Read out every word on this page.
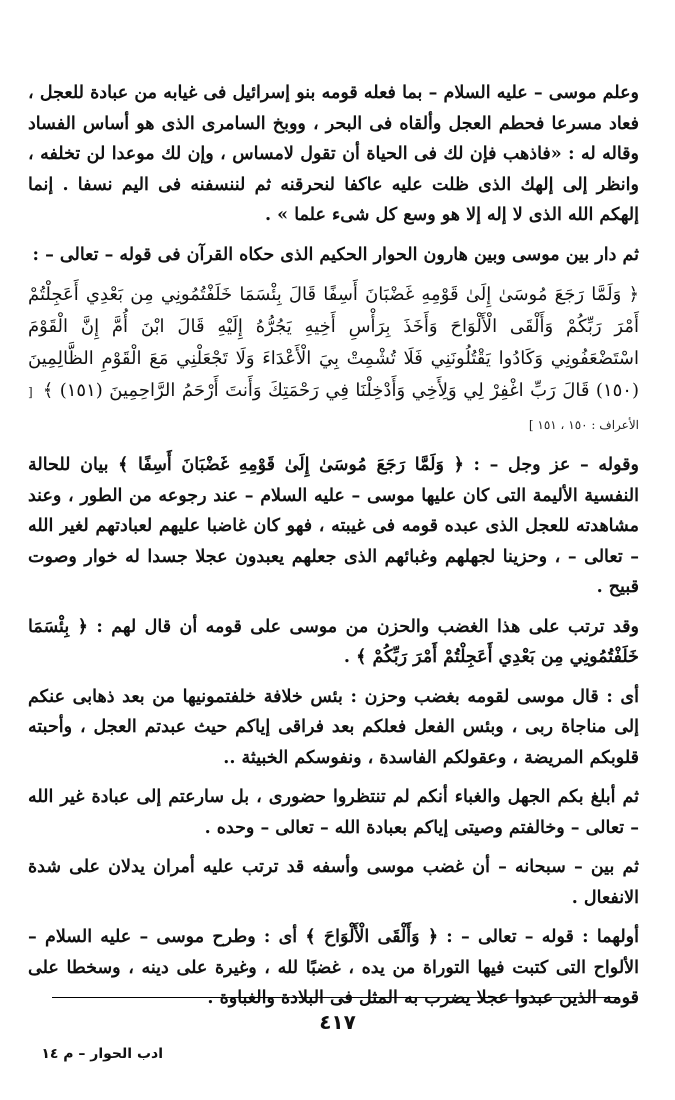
وعلم موسى – عليه السلام – بما فعله قومه بنو إسرائيل فى غيابه من عبادة للعجل ، فعاد مسرعا فحطم العجل وألقاه فى البحر ، ووبخ السامرى الذى هو أساس الفساد وقاله له : «فاذهب فإن لك فى الحياة أن تقول لامساس ، وإن لك موعدا لن تخلفه ، وانظر إلى إلهك الذى ظلت عليه عاكفا لنحرقنه ثم لننسفنه فى اليم نسفا . إنما إلهكم الله الذى لا إله إلا هو وسع كل شىء علما » .

ثم دار بين موسى وبين هارون الحوار الحكيم الذى حكاه القرآن فى قوله – تعالى – :

﴿ وَلَمَّا رَجَعَ مُوسَىٰ إِلَىٰ قَوْمِهِ غَضْبَانَ أَسِفًا قَالَ بِئْسَمَا خَلَفْتُمُونِي مِن بَعْدِي أَعَجِلْتُمْ أَمْرَ رَبِّكُمْ وَأَلْقَى الْأَلْوَاحَ وَأَخَذَ بِرَأْسِ أَخِيهِ يَجُرُّهُ إِلَيْهِ قَالَ ابْنَ أُمَّ إِنَّ الْقَوْمَ اسْتَضْعَفُونِي وَكَادُوا يَقْتُلُونَنِي فَلَا تُشْمِتْ بِيَ الْأَعْدَاءَ وَلَا تَجْعَلْنِي مَعَ الْقَوْمِ الظَّالِمِينَ (١٥٠) قَالَ رَبِّ اغْفِرْ لِي وَلِأَخِي وَأَدْخِلْنَا فِي رَحْمَتِكَ وَأَنتَ أَرْحَمُ الرَّاحِمِينَ (١٥١) ﴾[ الأعراف : ١٥٠ ، ١٥١ ]

وقوله – عز وجل – : ﴿ وَلَمَّا رَجَعَ مُوسَىٰ إِلَىٰ قَوْمِهِ غَضْبَانَ أَسِفًا ﴾ بيان للحالة النفسية الأليمة التى كان عليها موسى – عليه السلام – عند رجوعه من الطور ، وعند مشاهدته للعجل الذى عبده قومه فى غيبته ، فهو كان غاضبا عليهم لعبادتهم لغير الله – تعالى – ، وحزينا لجهلهم وغبائهم الذى جعلهم يعبدون عجلا جسدا له خوار وصوت قبيح .

وقد ترتب على هذا الغضب والحزن من موسى على قومه أن قال لهم : ﴿ بِئْسَمَا خَلَفْتُمُونِي مِن بَعْدِي أَعَجِلْتُمْ أَمْرَ رَبِّكُمْ ﴾ .

أى : قال موسى لقومه بغضب وحزن : بئس خلافة خلفتمونيها من بعد ذهابى عنكم إلى مناجاة ربى ، وبئس الفعل فعلكم بعد فراقى إياكم حيث عبدتم العجل ، وأحبته قلوبكم المريضة ، وعقولكم الفاسدة ، ونفوسكم الخبيثة ..

ثم أبلغ بكم الجهل والغباء أنكم لم تنتظروا حضورى ، بل سارعتم إلى عبادة غير الله – تعالى – وخالفتم وصيتى إياكم بعبادة الله – تعالى – وحده .

ثم بين – سبحانه – أن غضب موسى وأسفه قد ترتب عليه أمران يدلان على شدة الانفعال .

أولهما : قوله – تعالى – : ﴿ وَأَلْقَى الْأَلْوَاحَ ﴾ أى : وطرح موسى – عليه السلام – الألواح التى كتبت فيها التوراة من يده ، غضبًا لله ، وغيرة على دينه ، وسخطا على قومه الذين عبدوا عجلا يضرب به المثل فى البلادة والغباوة .

٤١٧
ادب الحوار – م ١٤
